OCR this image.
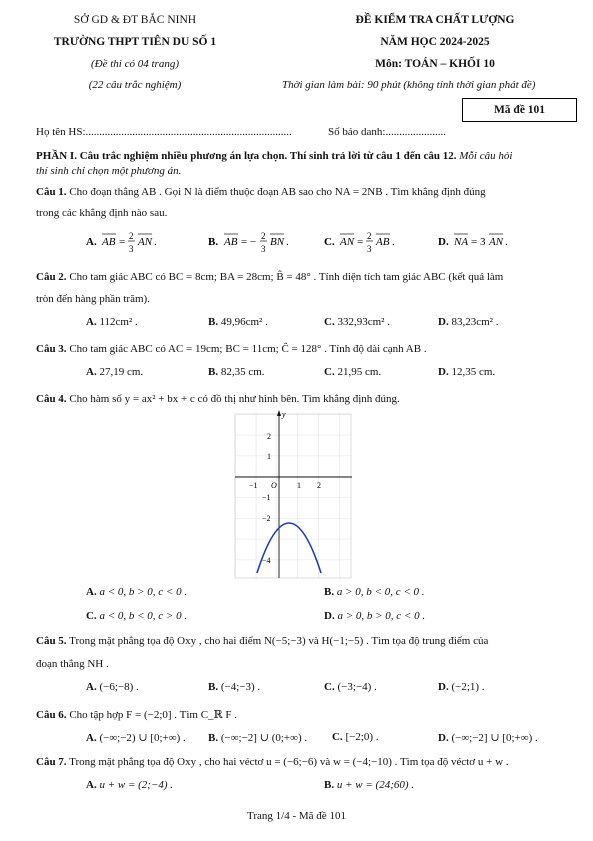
SỞ GD & ĐT BẮC NINH
TRƯỜNG THPT TIÊN DU SỐ 1
(Đề thi có 04 trang)
(22 câu trắc nghiệm)
ĐỀ KIỂM TRA CHẤT LƯỢNG
NĂM HỌC 2024-2025
Môn: TOÁN – KHỐI 10
Thời gian làm bài: 90 phút (không tính thời gian phát đề)
Mã đề 101
Họ tên HS:...........................................................................	Số báo danh:......................
PHẦN I. Câu trắc nghiệm nhiều phương án lựa chọn. Thí sinh trả lời từ câu 1 đến câu 12. Mỗi câu hỏi
thí sinh chỉ chọn một phương án.
Câu 1. Cho đoạn thẳng AB . Gọi N là điểm thuộc đoạn AB sao cho NA = 2NB . Tìm khẳng định đúng
trong các khẳng định nào sau.
A. AB = 2
3
AN .	B. AB = − 2
3
BN .	C. AN = 2
3
AB .	D. NA = 3 AN .
Câu 2. Cho tam giác ABC có BC = 8cm; BA = 28cm; B̂ = 48° . Tính diện tích tam giác ABC (kết quả làm
tròn đến hàng phần trăm).
A. 112cm² .	B. 49,96cm² .	C. 332,93cm² .	D. 83,23cm² .
Câu 3. Cho tam giác ABC có AC = 19cm; BC = 11cm; Ĉ = 128° . Tính độ dài cạnh AB .
A. 27,19 cm.	B. 82,35 cm.	C. 21,95 cm.	D. 12,35 cm.
Câu 4. Cho hàm số y = ax² + bx + c có đồ thị như hình bên. Tìm khẳng định đúng.
y
2
1
−1
−2
−4
−1 O	1 2
A. a < 0, b > 0, c < 0 .	B. a > 0, b < 0, c < 0 .
C. a < 0, b < 0, c > 0 .	D. a > 0, b > 0, c < 0 .
Câu 5. Trong mặt phẳng tọa độ Oxy , cho hai điểm N(−5;−3) và H(−1;−5) . Tìm tọa độ trung điểm của
đoạn thẳng NH .
A. (−6;−8) .	B. (−4;−3) .	C. (−3;−4) .	D. (−2;1) .
Câu 6. Cho tập hợp F = (−2;0] . Tìm C_ℝ F .
A. (−∞;−2) ∪ [0;+∞) . B. (−∞;−2] ∪ (0;+∞) . C. [−2;0) .	D. (−∞;−2] ∪ [0;+∞) .
Câu 7. Trong mặt phẳng tọa độ Oxy , cho hai véctơ u = (−6;−6) và w = (−4;−10) . Tìm tọa độ véctơ u + w .
A. u + w = (2;−4) .	B. u + w = (24;60) .
Trang 1/4 - Mã đề 101
